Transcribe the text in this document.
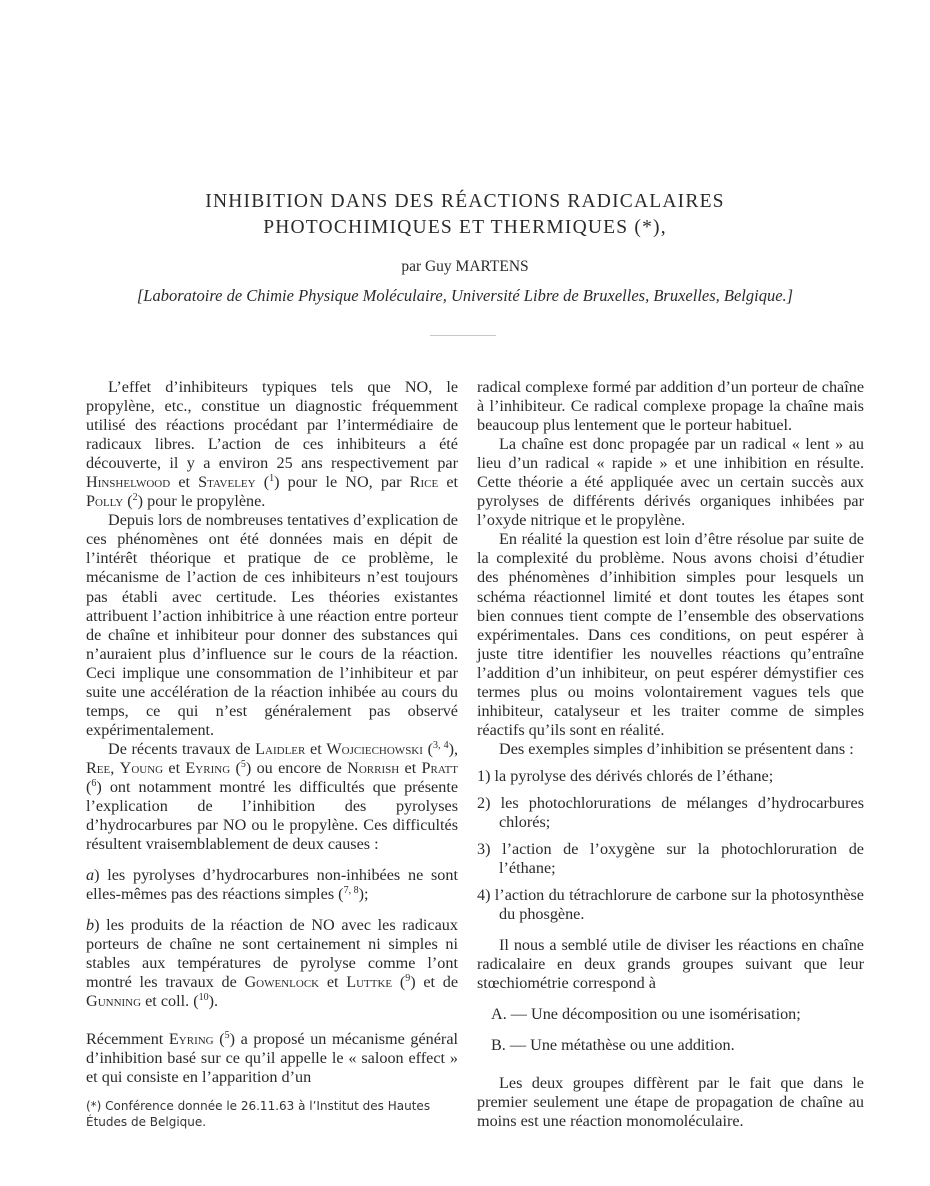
INHIBITION DANS DES RÉACTIONS RADICALAIRES
PHOTOCHIMIQUES ET THERMIQUES (*),
par Guy MARTENS
[Laboratoire de Chimie Physique Moléculaire, Université Libre de Bruxelles, Bruxelles, Belgique.]

L’effet d’inhibiteurs typiques tels que NO, le propylène, etc., constitue un diagnostic fréquemment utilisé des réactions procédant par l’intermédiaire de radicaux libres. L’action de ces inhibiteurs a été découverte, il y a environ 25 ans respectivement par Hinshelwood et Staveley ($^1$) pour le NO, par Rice et Polly ($^2$) pour le propylène.

Depuis lors de nombreuses tentatives d’explication de ces phénomènes ont été données mais en dépit de l’intérêt théorique et pratique de ce problème, le mécanisme de l’action de ces inhibiteurs n’est toujours pas établi avec certitude. Les théories existantes attribuent l’action inhibitrice à une réaction entre porteur de chaîne et inhibiteur pour donner des substances qui n’auraient plus d’influence sur le cours de la réaction. Ceci implique une consommation de l’inhibiteur et par suite une accélération de la réaction inhibée au cours du temps, ce qui n’est généralement pas observé expérimentalement.

De récents travaux de Laidler et Wojciechowski ($^{3, 4}$), Ree, Young et Eyring ($^5$) ou encore de Norrish et Pratt ($^6$) ont notamment montré les difficultés que présente l’explication de l’inhibition des pyrolyses d’hydrocarbures par NO ou le propylène. Ces difficultés résultent vraisemblablement de deux causes :

a) les pyrolyses d’hydrocarbures non-inhibées ne sont elles-mêmes pas des réactions simples ($^{7, 8}$);

b) les produits de la réaction de NO avec les radicaux porteurs de chaîne ne sont certainement ni simples ni stables aux températures de pyrolyse comme l’ont montré les travaux de Gowenlock et Luttke ($^9$) et de Gunning et coll. ($^{10}$).

Récemment Eyring ($^5$) a proposé un mécanisme général d’inhibition basé sur ce qu’il appelle le « saloon effect » et qui consiste en l’apparition d’un

(*) Conférence donnée le 26.11.63 à l’Institut des Hautes Études de Belgique.

radical complexe formé par addition d’un porteur de chaîne à l’inhibiteur. Ce radical complexe propage la chaîne mais beaucoup plus lentement que le porteur habituel.

La chaîne est donc propagée par un radical « lent » au lieu d’un radical « rapide » et une inhibition en résulte. Cette théorie a été appliquée avec un certain succès aux pyrolyses de différents dérivés organiques inhibées par l’oxyde nitrique et le propylène.

En réalité la question est loin d’être résolue par suite de la complexité du problème. Nous avons choisi d’étudier des phénomènes d’inhibition simples pour lesquels un schéma réactionnel limité et dont toutes les étapes sont bien connues tient compte de l’ensemble des observations expérimentales. Dans ces conditions, on peut espérer à juste titre identifier les nouvelles réactions qu’entraîne l’addition d’un inhibiteur, on peut espérer démystifier ces termes plus ou moins volontairement vagues tels que inhibiteur, catalyseur et les traiter comme de simples réactifs qu’ils sont en réalité.

Des exemples simples d’inhibition se présentent dans :

1) la pyrolyse des dérivés chlorés de l’éthane;

2) les photochlorurations de mélanges d’hydrocarbures chlorés;

3) l’action de l’oxygène sur la photochloruration de l’éthane;

4) l’action du tétrachlorure de carbone sur la photosynthèse du phosgène.

Il nous a semblé utile de diviser les réactions en chaîne radicalaire en deux grands groupes suivant que leur stœchiométrie correspond à

A. — Une décomposition ou une isomérisation;

B. — Une métathèse ou une addition.

Les deux groupes diffèrent par le fait que dans le premier seulement une étape de propagation de chaîne au moins est une réaction monomoléculaire.
